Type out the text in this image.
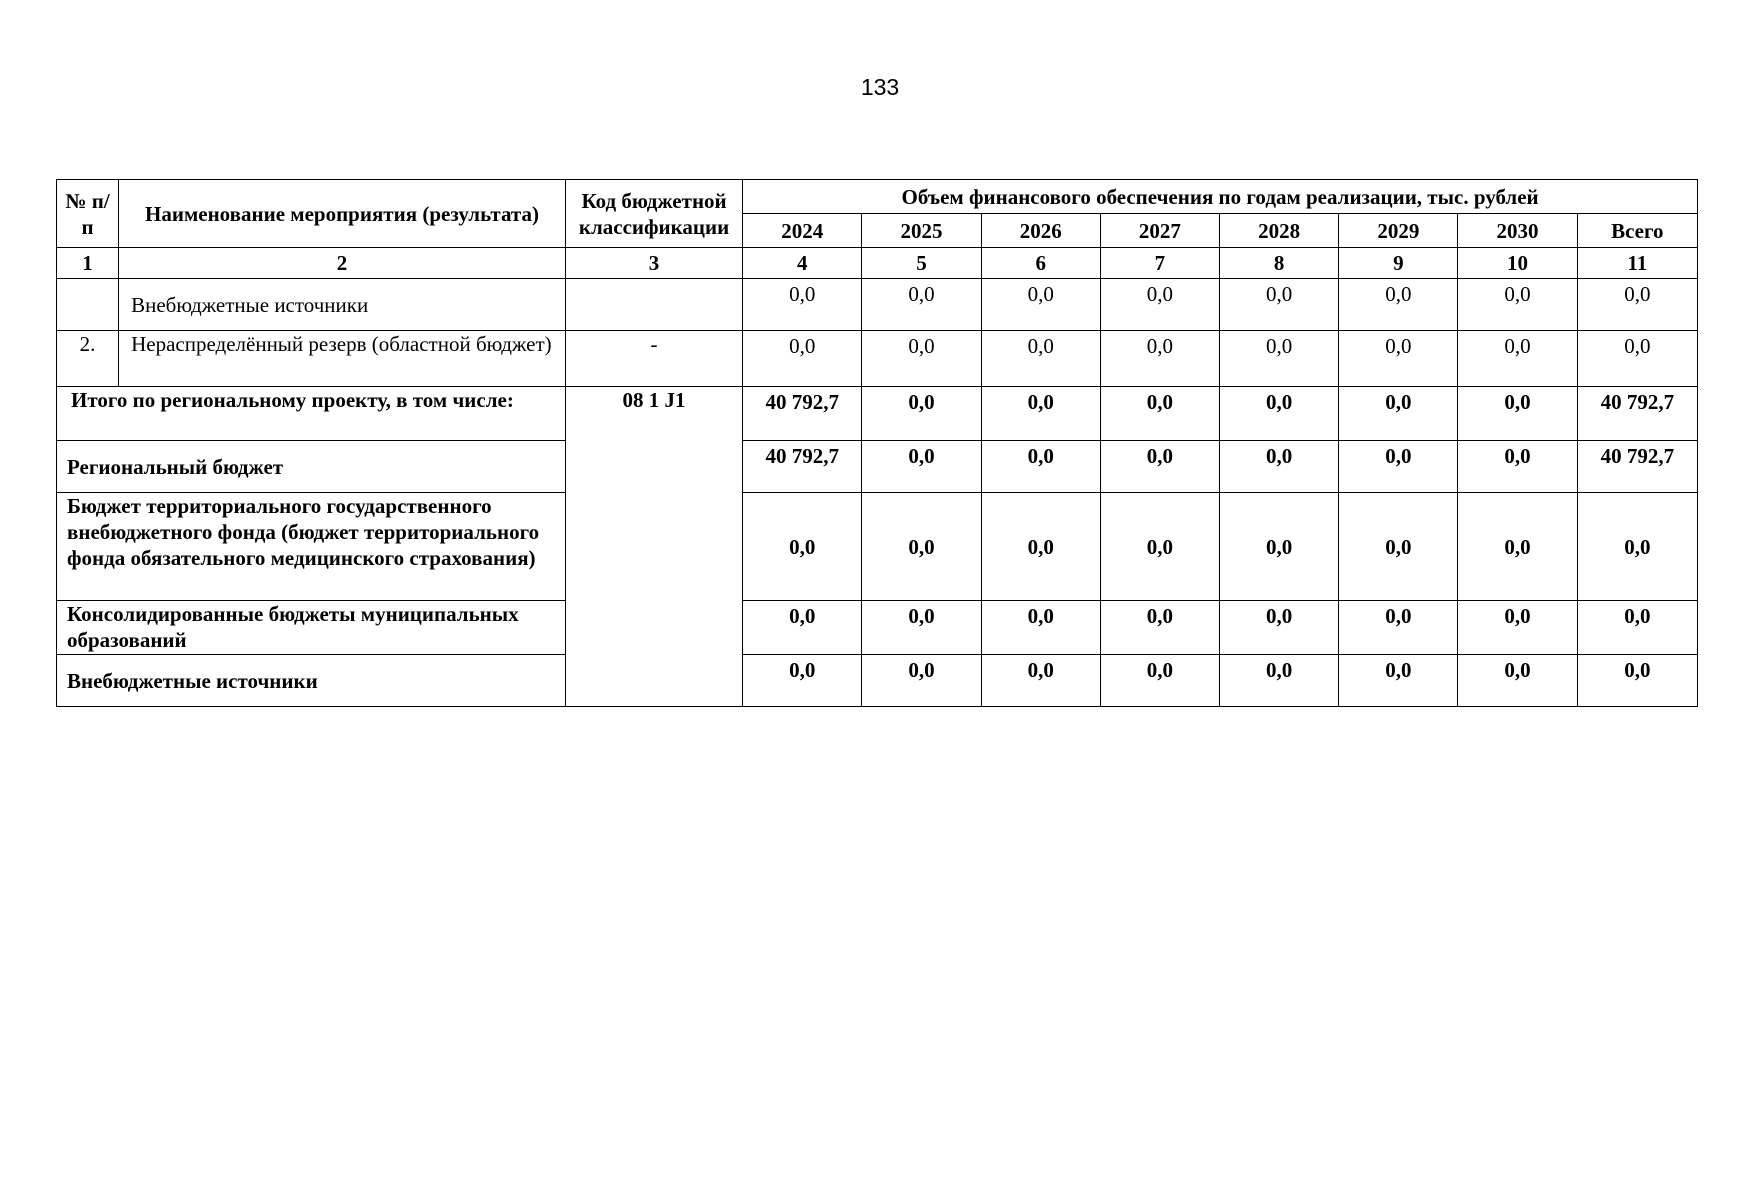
133
№ п/п	Наименование мероприятия (результата)	Код бюджетной классификации	Объем финансового обеспечения по годам реализации, тыс. рублей							
			2024	2025	2026	2027	2028	2029	2030	Всего
1	2	3	4	5	6	7	8	9	10	11
	Внебюджетные источники		0,0	0,0	0,0	0,0	0,0	0,0	0,0	0,0
2.	Нераспределённый резерв (областной бюджет)	-	0,0	0,0	0,0	0,0	0,0	0,0	0,0	0,0
Итого по региональному проекту, в том числе:		08 1 J1	40 792,7	0,0	0,0	0,0	0,0	0,0	0,0	40 792,7
Региональный бюджет			40 792,7	0,0	0,0	0,0	0,0	0,0	0,0	40 792,7
Бюджет территориального государственного внебюджетного фонда (бюджет территориального фонда обязательного медицинского страхования)			0,0	0,0	0,0	0,0	0,0	0,0	0,0	0,0
Консолидированные бюджеты муниципальных образований			0,0	0,0	0,0	0,0	0,0	0,0	0,0	0,0
Внебюджетные источники			0,0	0,0	0,0	0,0	0,0	0,0	0,0	0,0
